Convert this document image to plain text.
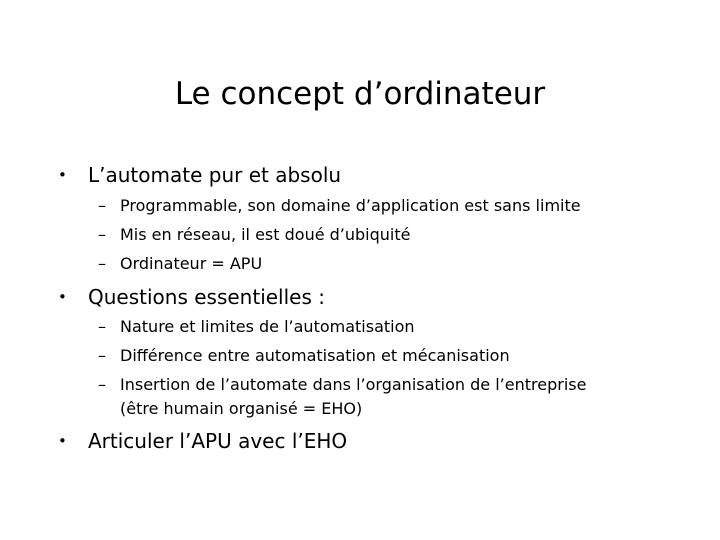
Le concept d’ordinateur
• L’automate pur et absolu
– Programmable, son domaine d’application est sans limite
– Mis en réseau, il est doué d’ubiquité
– Ordinateur = APU
• Questions essentielles :
– Nature et limites de l’automatisation
– Différence entre automatisation et mécanisation
– Insertion de l’automate dans l’organisation de l’entreprise
(être humain organisé = EHO)
• Articuler l’APU avec l’EHO
